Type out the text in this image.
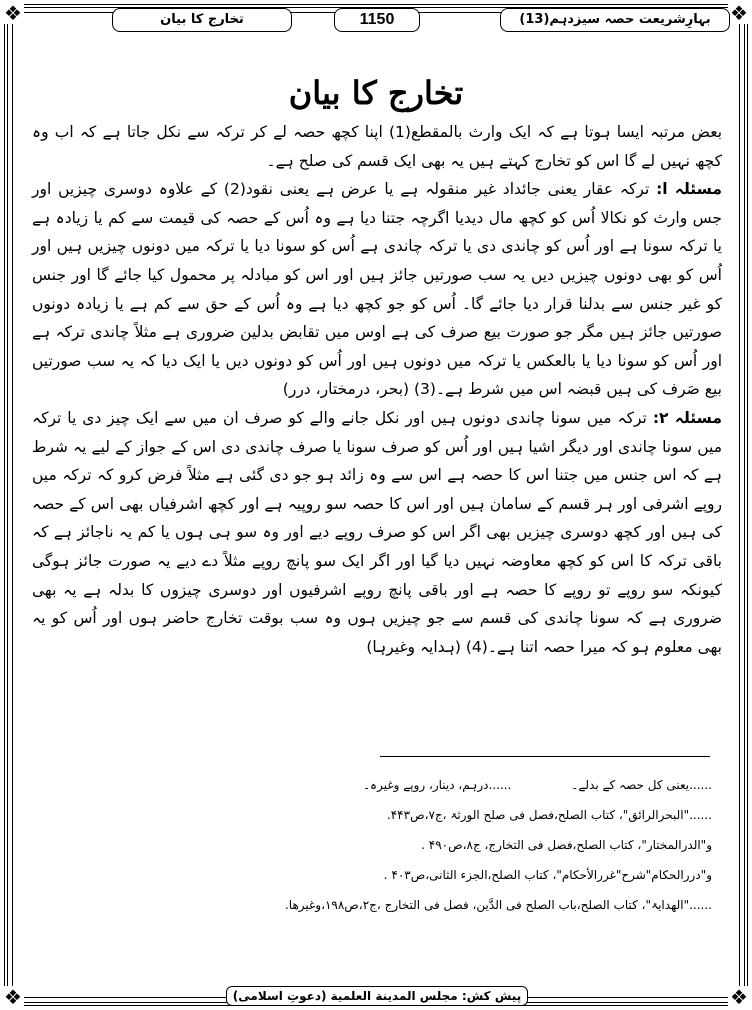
❖	❖
❖	❖
بہارِشریعت حصہ سیزدہم(13)
1150
تخارج کا بیان
تخارج کا بیان

بعض مرتبہ ایسا ہوتا ہے کہ ایک وارث بالمقطع(1) اپنا کچھ حصہ لے کر ترکہ سے نکل جاتا ہے کہ اب وہ کچھ نہیں لے گا اس کو تخارج کہتے ہیں یہ بھی ایک قسم کی صلح ہے۔

مسئلہ ا: ترکہ عقار یعنی جائداد غیر منقولہ ہے یا عرض ہے یعنی نقود(2) کے علاوہ دوسری چیزیں اور جس وارث کو نکالا اُس کو کچھ مال دیدیا اگرچہ جتنا دیا ہے وہ اُس کے حصہ کی قیمت سے کم یا زیادہ ہے یا ترکہ سونا ہے اور اُس کو چاندی دی یا ترکہ چاندی ہے اُس کو سونا دیا یا ترکہ میں دونوں چیزیں ہیں اور اُس کو بھی دونوں چیزیں دیں یہ سب صورتیں جائز ہیں اور اس کو مبادلہ پر محمول کیا جائے گا اور جنس کو غیر جنس سے بدلنا قرار دیا جائے گا۔ اُس کو جو کچھ دیا ہے وہ اُس کے حق سے کم ہے یا زیادہ دونوں صورتیں جائز ہیں مگر جو صورت بیع صرف کی ہے اوس میں تقابض بدلین ضروری ہے مثلاً چاندی ترکہ ہے اور اُس کو سونا دیا یا بالعکس یا ترکہ میں دونوں ہیں اور اُس کو دونوں دیں یا ایک دیا کہ یہ سب صورتیں بیع صَرف کی ہیں قبضہ اس میں شرط ہے۔(3) (بحر، درمختار، درر)

مسئلہ ۲: ترکہ میں سونا چاندی دونوں ہیں اور نکل جانے والے کو صرف ان میں سے ایک چیز دی یا ترکہ میں سونا چاندی اور دیگر اشیا ہیں اور اُس کو صرف سونا یا صرف چاندی دی اس کے جواز کے لیے یہ شرط ہے کہ اس جنس میں جتنا اس کا حصہ ہے اس سے وہ زائد ہو جو دی گئی ہے مثلاً فرض کرو کہ ترکہ میں روپے اشرفی اور ہر قسم کے سامان ہیں اور اس کا حصہ سو روپیہ ہے اور کچھ اشرفیاں بھی اس کے حصہ کی ہیں اور کچھ دوسری چیزیں بھی اگر اس کو صرف روپے دیے اور وہ سو ہی ہوں یا کم یہ ناجائز ہے کہ باقی ترکہ کا اس کو کچھ معاوضہ نہیں دیا گیا اور اگر ایک سو پانچ روپے مثلاً دے دیے یہ صورت جائز ہوگی کیونکہ سو روپے تو روپے کا حصہ ہے اور باقی پانچ روپے اشرفیوں اور دوسری چیزوں کا بدلہ ہے یہ بھی ضروری ہے کہ سونا چاندی کی قسم سے جو چیزیں ہوں وہ سب بوقت تخارج حاضر ہوں اور اُس کو یہ بھی معلوم ہو کہ میرا حصہ اتنا ہے۔(4) (ہدایہ وغیرہا)

......یعنی کل حصہ کے بدلے۔
......درہم، دینار، روپے وغیرہ۔
......"البحرالرائق"، کتاب الصلح،فصل فی صلح الورثۃ ،ج۷،ص۴۴۳.
و"الدرالمختار"، کتاب الصلح،فصل فی التخارج، ج۸،ص۴۹۰ .
و"دررالحکام"شرح"غررالأحکام"، کتاب الصلح،الجزء الثانی،ص۴۰۳ .
......"الھدایۃ"، کتاب الصلح،باب الصلح فی الدَّین، فصل فی التخارج ،ج۲،ص۱۹۸،وغیرھا.
پیش کش: مجلس المدینة العلمیة (دعوتِ اسلامی)
